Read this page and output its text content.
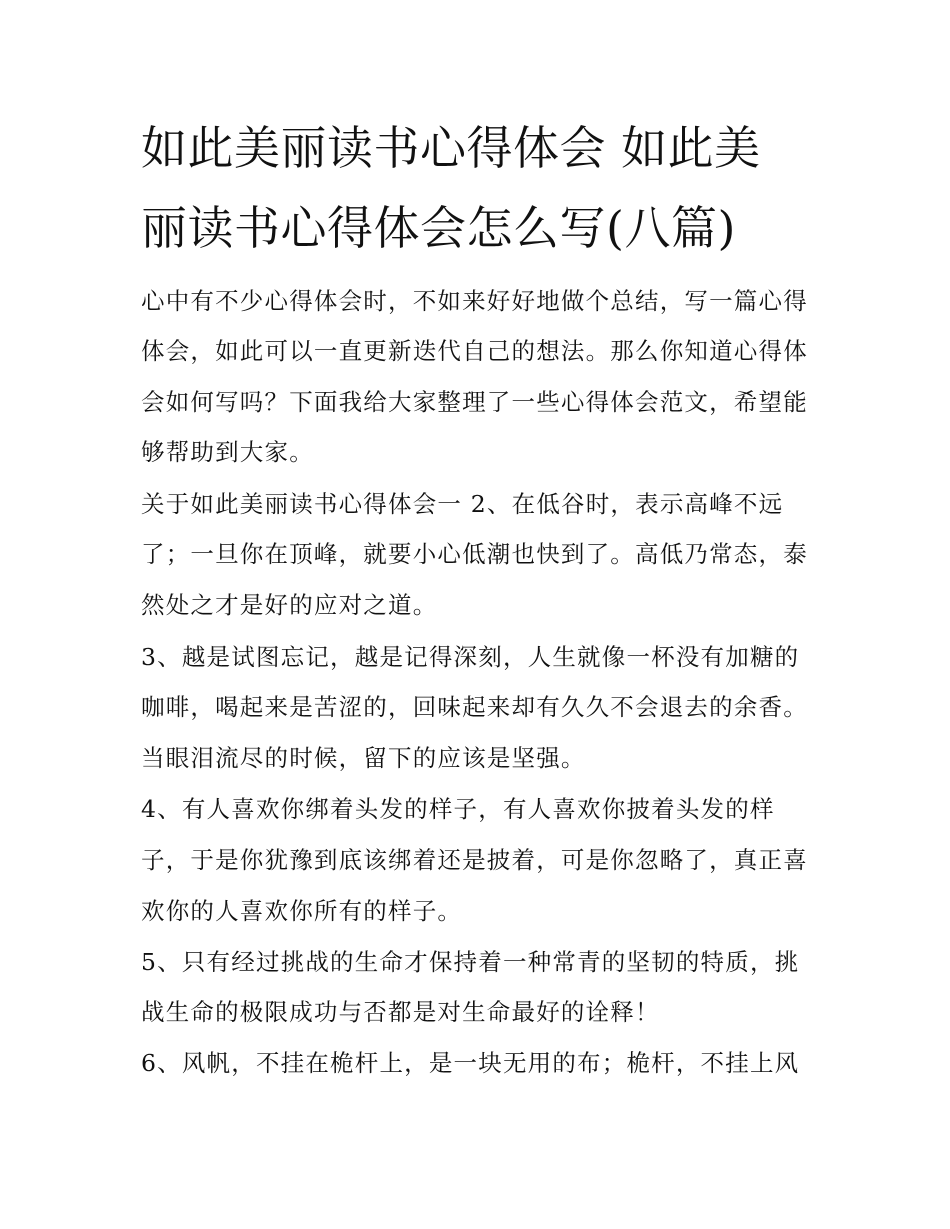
如此美丽读书心得体会 如此美
丽读书心得体会怎么写(八篇)
心中有不少心得体会时，不如来好好地做个总结，写一篇心得
体会，如此可以一直更新迭代自己的想法。那么你知道心得体
会如何写吗？下面我给大家整理了一些心得体会范文，希望能
够帮助到大家。
关于如此美丽读书心得体会一 2、在低谷时，表示高峰不远
了；一旦你在顶峰，就要小心低潮也快到了。高低乃常态，泰
然处之才是好的应对之道。
3、越是试图忘记，越是记得深刻，人生就像一杯没有加糖的
咖啡，喝起来是苦涩的，回味起来却有久久不会退去的余香。
当眼泪流尽的时候，留下的应该是坚强。
4、有人喜欢你绑着头发的样子，有人喜欢你披着头发的样
子，于是你犹豫到底该绑着还是披着，可是你忽略了，真正喜
欢你的人喜欢你所有的样子。
5、只有经过挑战的生命才保持着一种常青的坚韧的特质，挑
战生命的极限成功与否都是对生命最好的诠释！
6、风帆，不挂在桅杆上，是一块无用的布；桅杆，不挂上风
